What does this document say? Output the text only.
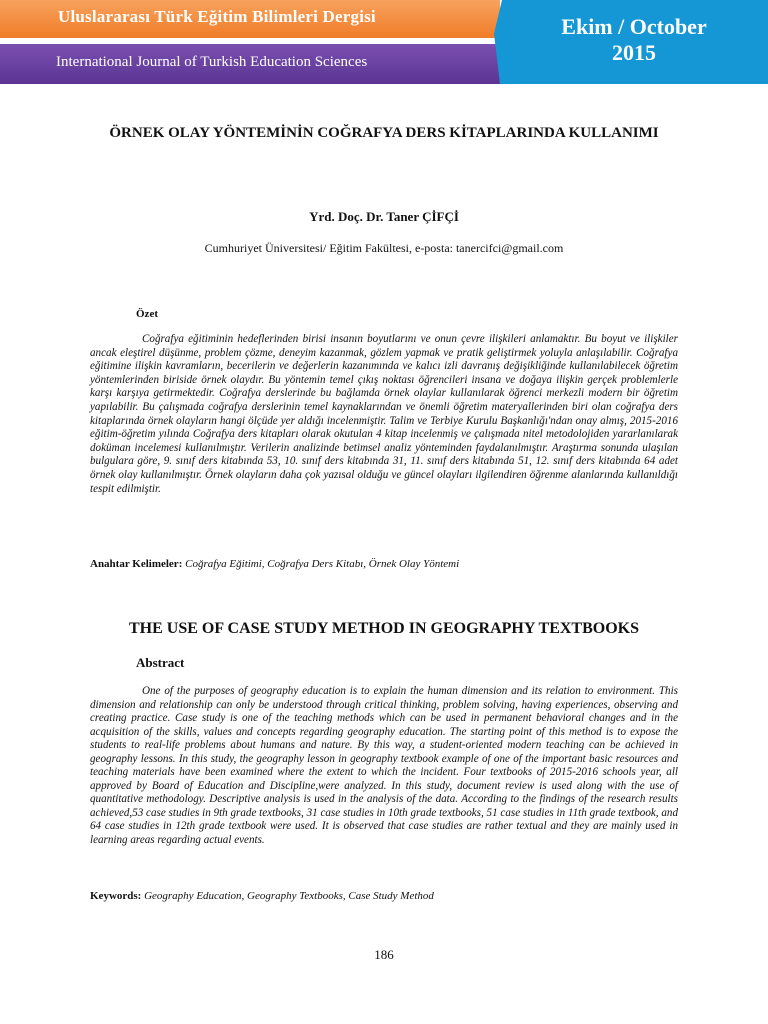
Uluslararası Türk Eğitim Bilimleri Dergisi
International Journal of Turkish Education Sciences
Ekim / October
2015
ÖRNEK OLAY YÖNTEMİNİN COĞRAFYA DERS KİTAPLARINDA KULLANIMI
Yrd. Doç. Dr. Taner ÇİFÇİ
Cumhuriyet Üniversitesi/ Eğitim Fakültesi, e-posta: tanercifci@gmail.com
Özet
Coğrafya eğitiminin hedeflerinden birisi insanın boyutlarını ve onun çevre ilişkileri anlamaktır. Bu boyut ve ilişkiler ancak eleştirel düşünme, problem çözme, deneyim kazanmak, gözlem yapmak ve pratik geliştirmek yoluyla anlaşılabilir. Coğrafya eğitimine ilişkin kavramların, becerilerin ve değerlerin kazanımında ve kalıcı izli davranış değişikliğinde kullanılabilecek öğretim yöntemlerinden biriside örnek olaydır. Bu yöntemin temel çıkış noktası öğrencileri insana ve doğaya ilişkin gerçek problemlerle karşı karşıya getirmektedir. Coğrafya derslerinde bu bağlamda örnek olaylar kullanılarak öğrenci merkezli modern bir öğretim yapılabilir. Bu çalışmada coğrafya derslerinin temel kaynaklarından ve önemli öğretim materyallerinden biri olan coğrafya ders kitaplarında örnek olayların hangi ölçüde yer aldığı incelenmiştir. Talim ve Terbiye Kurulu Başkanlığı'ndan onay almış, 2015-2016 eğitim-öğretim yılında Coğrafya ders kitapları olarak okutulan 4 kitap incelenmiş ve çalışmada nitel metodolojiden yararlanılarak doküman incelemesi kullanılmıştır. Verilerin analizinde betimsel analiz yönteminden faydalanılmıştır. Araştırma sonunda ulaşılan bulgulara göre, 9. sınıf ders kitabında 53, 10. sınıf ders kitabında 31, 11. sınıf ders kitabında 51, 12. sınıf ders kitabında 64 adet örnek olay kullanılmıştır. Örnek olayların daha çok yazısal olduğu ve güncel olayları ilgilendiren öğrenme alanlarında kullanıldığı tespit edilmiştir.
Anahtar Kelimeler: Coğrafya Eğitimi, Coğrafya Ders Kitabı, Örnek Olay Yöntemi
THE USE OF CASE STUDY METHOD IN GEOGRAPHY TEXTBOOKS
Abstract
One of the purposes of geography education is to explain the human dimension and its relation to environment. This dimension and relationship can only be understood through critical thinking, problem solving, having experiences, observing and creating practice. Case study is one of the teaching methods which can be used in permanent behavioral changes and in the acquisition of the skills, values and concepts regarding geography education. The starting point of this method is to expose the students to real-life problems about humans and nature. By this way, a student-oriented modern teaching can be achieved in geography lessons. In this study, the geography lesson in geography textbook example of one of the important basic resources and teaching materials have been examined where the extent to which the incident. Four textbooks of 2015-2016 schools year, all approved by Board of Education and Discipline,were analyzed. In this study, document review is used along with the use of quantitative methodology. Descriptive analysis is used in the analysis of the data. According to the findings of the research results achieved,53 case studies in 9th grade textbooks, 31 case studies in 10th grade textbooks, 51 case studies in 11th grade textbook, and 64 case studies in 12th grade textbook were used. It is observed that case studies are rather textual and they are mainly used in learning areas regarding actual events.
Keywords: Geography Education, Geography Textbooks, Case Study Method
186
